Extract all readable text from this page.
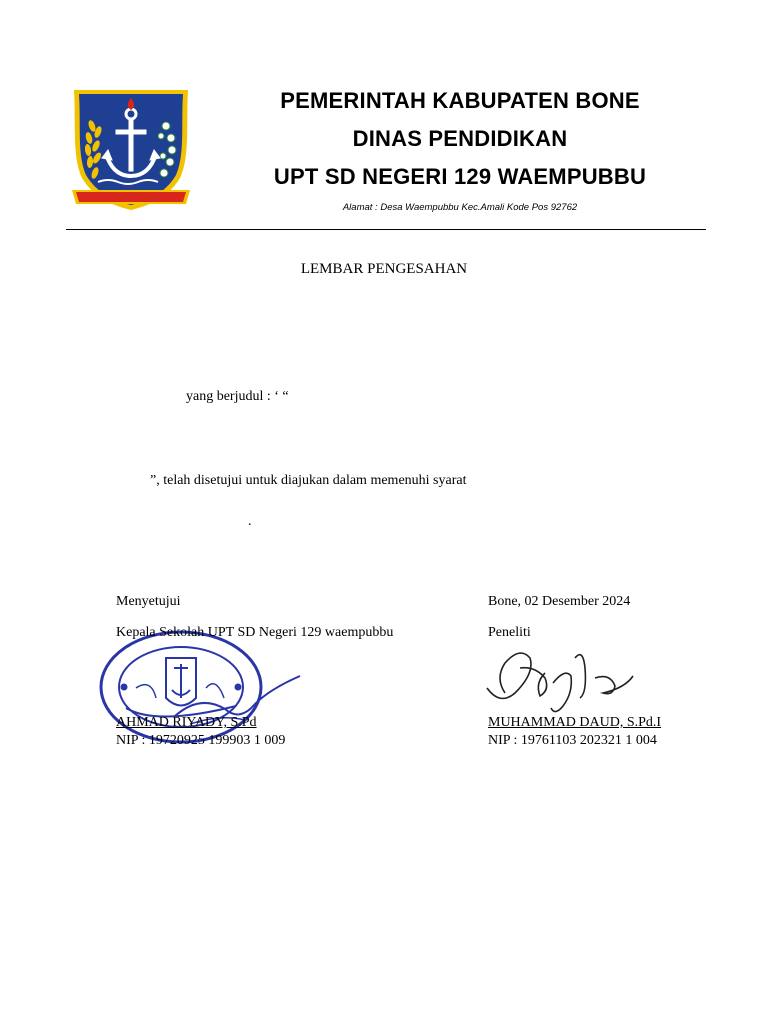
PEMERINTAH KABUPATEN BONE
DINAS PENDIDIKAN
UPT SD NEGERI 129 WAEMPUBBU
Alamat : Desa Waempubbu Kec.Amali Kode Pos 92762
LEMBAR PENGESAHAN
yang berjudul : ‘ “
”, telah disetujui untuk diajukan dalam memenuhi syarat
.
Menyetujui
Kepala Sekolah UPT SD Negeri 129 waempubbu
AHMAD RIYADY, S.Pd
NIP : 19720925 199903 1 009
Bone, 02 Desember 2024
Peneliti
MUHAMMAD DAUD, S.Pd.I
NIP : 19761103 202321 1 004
